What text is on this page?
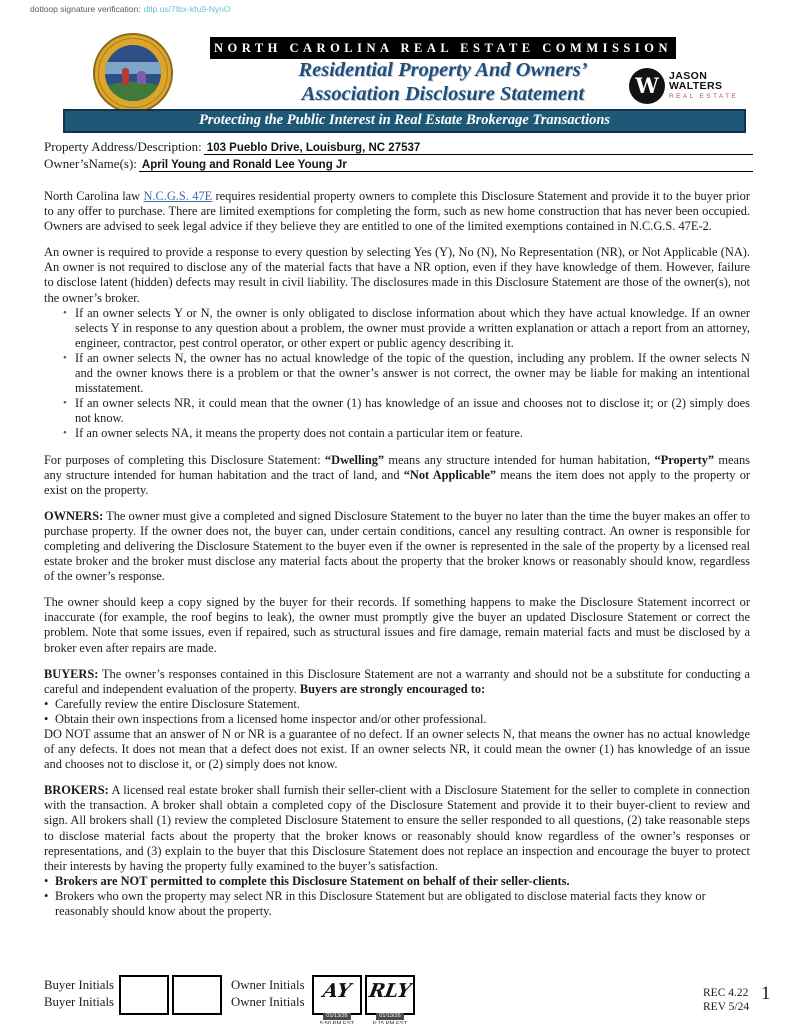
dotloop signature verification: dtlp.us/7Ibx-kfu9-NynO
NORTH CAROLINA REAL ESTATE COMMISSION
Residential Property And Owners’
Association Disclosure Statement	W JASON WALTERS
REAL ESTATE
Protecting the Public Interest in Real Estate Brokerage Transactions
Property Address/Description: 103 Pueblo Drive, Louisburg, NC 27537
Owner’sName(s): April Young and Ronald Lee Young Jr

North Carolina law N.C.G.S. 47E requires residential property owners to complete this Disclosure Statement and provide it to the buyer prior to any offer to purchase. There are limited exemptions for completing the form, such as new home construction that has never been occupied. Owners are advised to seek legal advice if they believe they are entitled to one of the limited exemptions contained in N.C.G.S. 47E-2.

An owner is required to provide a response to every question by selecting Yes (Y), No (N), No Representation (NR), or Not Applicable (NA). An owner is not required to disclose any of the material facts that have a NR option, even if they have knowledge of them. However, failure to disclose latent (hidden) defects may result in civil liability. The disclosures made in this Disclosure Statement are those of the owner(s), not the owner’s broker.

• If an owner selects Y or N, the owner is only obligated to disclose information about which they have actual knowledge. If an owner selects Y in response to any question about a problem, the owner must provide a written explanation or attach a report from an attorney, engineer, contractor, pest control operator, or other expert or public agency describing it.
• If an owner selects N, the owner has no actual knowledge of the topic of the question, including any problem. If the owner selects N and the owner knows there is a problem or that the owner’s answer is not correct, the owner may be liable for making an intentional misstatement.
• If an owner selects NR, it could mean that the owner (1) has knowledge of an issue and chooses not to disclose it; or (2) simply does not know.
• If an owner selects NA, it means the property does not contain a particular item or feature.

For purposes of completing this Disclosure Statement: “Dwelling” means any structure intended for human habitation, “Property” means any structure intended for human habitation and the tract of land, and “Not Applicable” means the item does not apply to the property or exist on the property.

OWNERS: The owner must give a completed and signed Disclosure Statement to the buyer no later than the time the buyer makes an offer to purchase property. If the owner does not, the buyer can, under certain conditions, cancel any resulting contract. An owner is responsible for completing and delivering the Disclosure Statement to the buyer even if the owner is represented in the sale of the property by a licensed real estate broker and the broker must disclose any material facts about the property that the broker knows or reasonably should know, regardless of the owner’s response.

The owner should keep a copy signed by the buyer for their records. If something happens to make the Disclosure Statement incorrect or inaccurate (for example, the roof begins to leak), the owner must promptly give the buyer an updated Disclosure Statement or correct the problem. Note that some issues, even if repaired, such as structural issues and fire damage, remain material facts and must be disclosed by a broker even after repairs are made.

BUYERS: The owner’s responses contained in this Disclosure Statement are not a warranty and should not be a substitute for conducting a careful and independent evaluation of the property. Buyers are strongly encouraged to:

• Carefully review the entire Disclosure Statement.
• Obtain their own inspections from a licensed home inspector and/or other professional.

DO NOT assume that an answer of N or NR is a guarantee of no defect. If an owner selects N, that means the owner has no actual knowledge of any defects. It does not mean that a defect does not exist. If an owner selects NR, it could mean the owner (1) has knowledge of an issue and chooses not to disclose it, or (2) simply does not know.

BROKERS: A licensed real estate broker shall furnish their seller-client with a Disclosure Statement for the seller to complete in connection with the transaction. A broker shall obtain a completed copy of the Disclosure Statement and provide it to their buyer-client to review and sign. All brokers shall (1) review the completed Disclosure Statement to ensure the seller responded to all questions, (2) take reasonable steps to disclose material facts about the property that the broker knows or reasonably should know regardless of the owner’s responses or representations, and (3) explain to the buyer that this Disclosure Statement does not replace an inspection and encourage the buyer to protect their interests by having the property fully examined to the buyer’s satisfaction.

• Brokers are NOT permitted to complete this Disclosure Statement on behalf of their seller-clients.
• Brokers who own the property may select NR in this Disclosure Statement but are obligated to disclose material facts they know or reasonably should know about the property.
Buyer Initials
Buyer Initials
Owner Initials
Owner Initials AY
01/13/26
5:50 PM EST
RLY
01/13/26
6:15 PM EST
REC 4.22
REV 5/24
1
